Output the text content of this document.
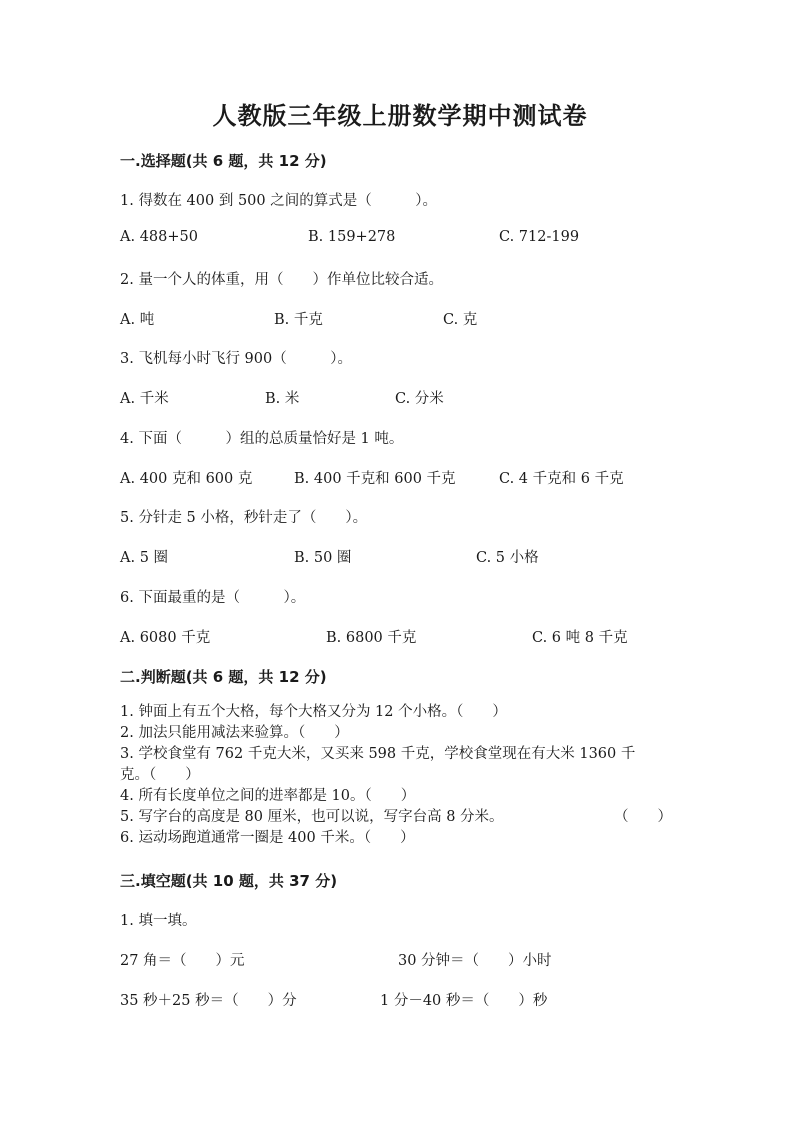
人教版三年级上册数学期中测试卷
一.选择题(共 6 题，共 12 分)
1. 得数在 400 到 500 之间的算式是（　　　）。
A. 488+50	B. 159+278	C. 712-199
2. 量一个人的体重，用（　　）作单位比较合适。
A. 吨	B. 千克	C. 克
3. 飞机每小时飞行 900（　　　）。
A. 千米	B. 米	C. 分米
4. 下面（　　　）组的总质量恰好是 1 吨。
A. 400 克和 600 克	B. 400 千克和 600 千克	C. 4 千克和 6 千克
5. 分针走 5 小格，秒针走了（　　）。
A. 5 圈	B. 50 圈	C. 5 小格
6. 下面最重的是（　　　）。
A. 6080 千克	B. 6800 千克	C. 6 吨 8 千克
二.判断题(共 6 题，共 12 分)
1. 钟面上有五个大格，每个大格又分为 12 个小格。（　　）
2. 加法只能用减法来验算。（　　）
3. 学校食堂有 762 千克大米，又买来 598 千克，学校食堂现在有大米 1360 千
克。（　　）
4. 所有长度单位之间的进率都是 10。（　　）
5. 写字台的高度是 80 厘米，也可以说，写字台高 8 分米。	（　　）
6. 运动场跑道通常一圈是 400 千米。（　　）
三.填空题(共 10 题，共 37 分)
1. 填一填。
27 角＝（　　）元	30 分钟＝（　　）小时
35 秒＋25 秒＝（　　）分	1 分－40 秒＝（　　）秒
